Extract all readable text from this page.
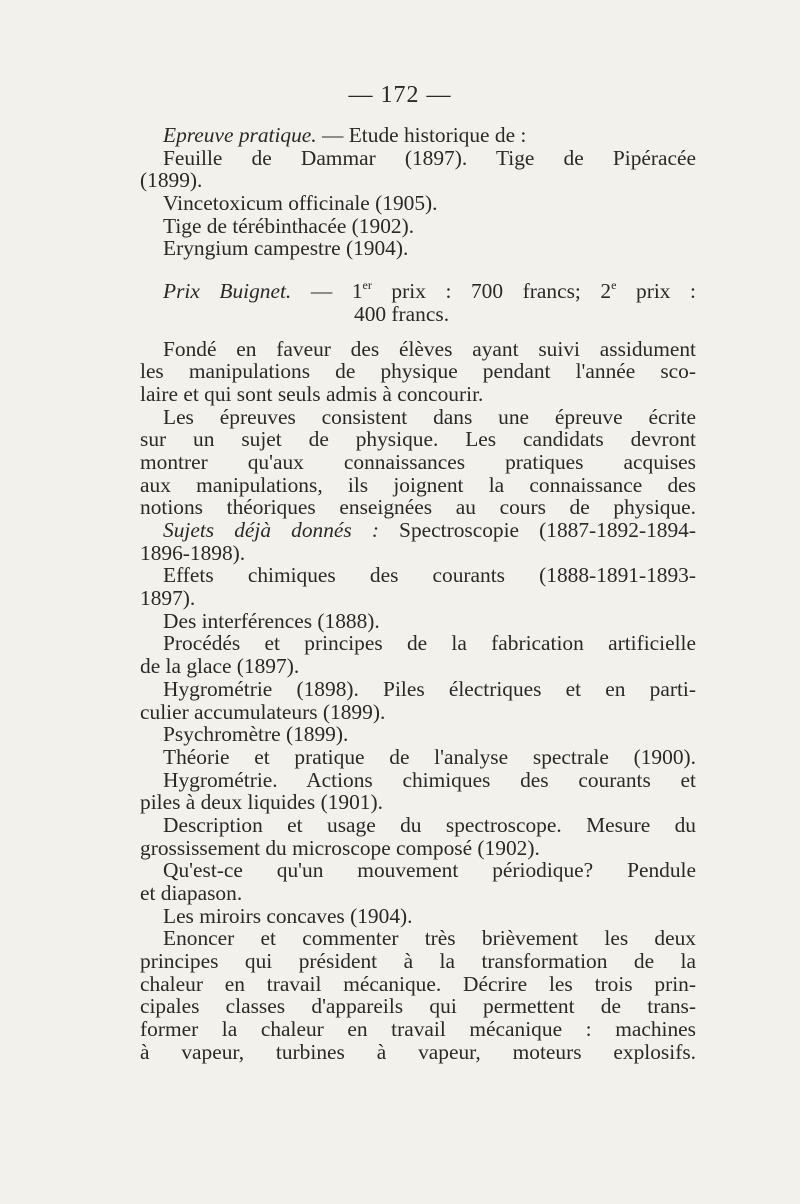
— 172 —
Epreuve pratique. — Etude historique de :
Feuille de Dammar (1897). Tige de Pipéracée
(1899).
Vincetoxicum officinale (1905).
Tige de térébinthacée (1902).
Eryngium campestre (1904).
Prix Buignet. — 1er prix : 700 francs; 2e prix :
400 francs.
Fondé en faveur des élèves ayant suivi assidument
les manipulations de physique pendant l'année sco-
laire et qui sont seuls admis à concourir.
Les épreuves consistent dans une épreuve écrite
sur un sujet de physique. Les candidats devront
montrer qu'aux connaissances pratiques acquises
aux manipulations, ils joignent la connaissance des
notions théoriques enseignées au cours de physique.
Sujets déjà donnés : Spectroscopie (1887-1892-1894-
1896-1898).
Effets chimiques des courants (1888-1891-1893-
1897).
Des interférences (1888).
Procédés et principes de la fabrication artificielle
de la glace (1897).
Hygrométrie (1898). Piles électriques et en parti-
culier accumulateurs (1899).
Psychromètre (1899).
Théorie et pratique de l'analyse spectrale (1900).
Hygrométrie. Actions chimiques des courants et
piles à deux liquides (1901).
Description et usage du spectroscope. Mesure du
grossissement du microscope composé (1902).
Qu'est-ce qu'un mouvement périodique? Pendule
et diapason.
Les miroirs concaves (1904).
Enoncer et commenter très brièvement les deux
principes qui président à la transformation de la
chaleur en travail mécanique. Décrire les trois prin-
cipales classes d'appareils qui permettent de trans-
former la chaleur en travail mécanique : machines
à vapeur, turbines à vapeur, moteurs explosifs.
